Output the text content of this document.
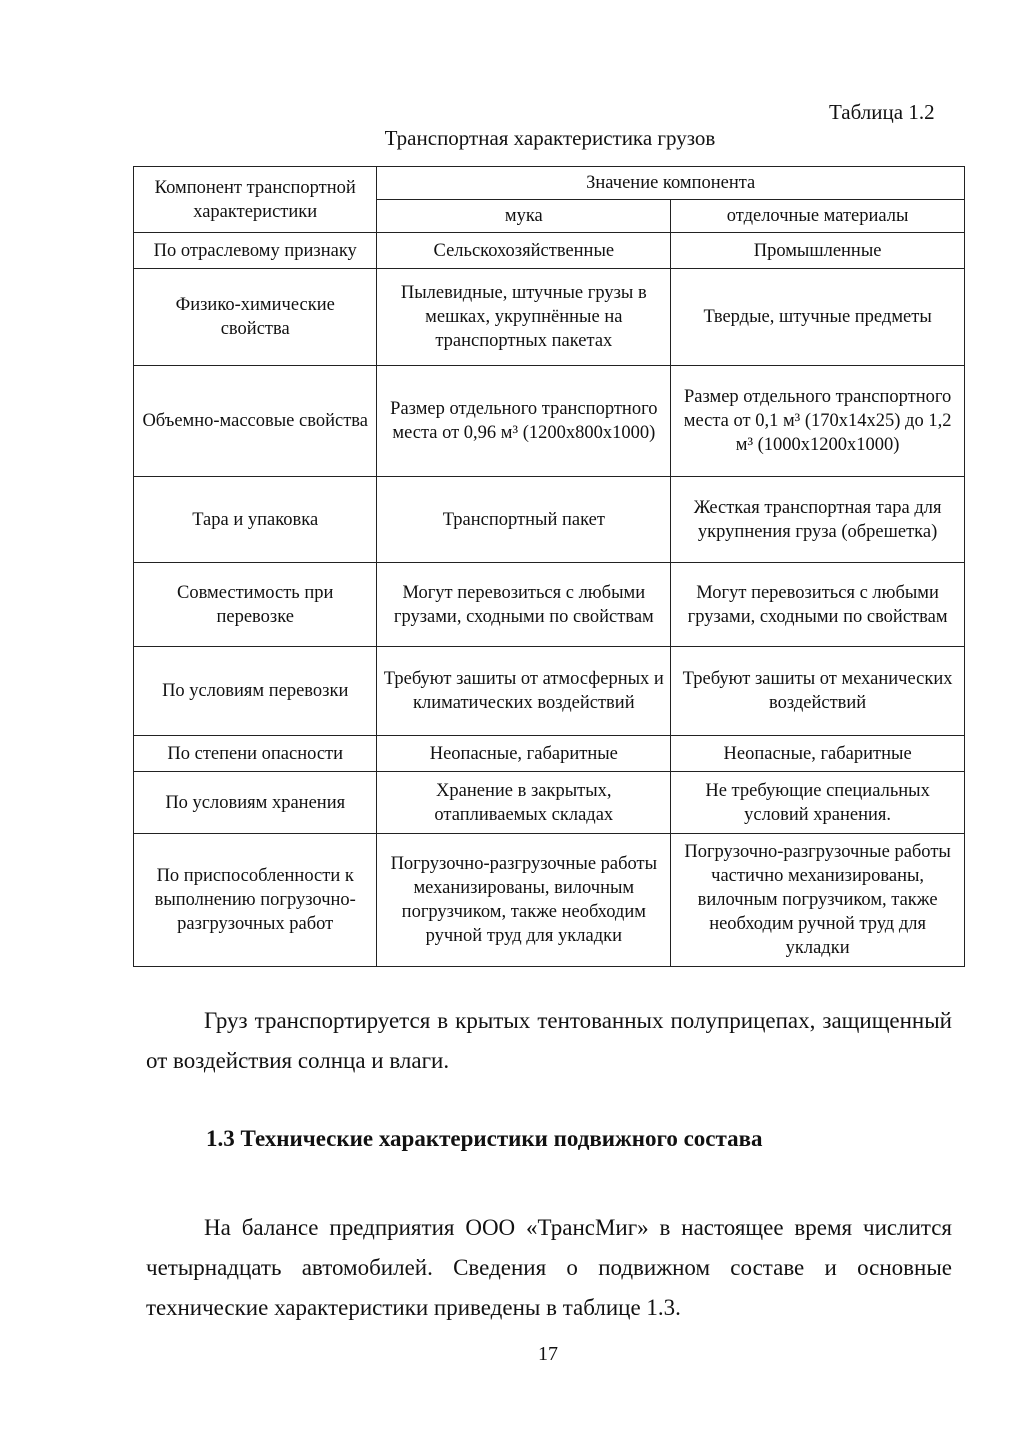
Таблица 1.2
Транспортная характеристика грузов
Компонент транспортной характеристики	Значение компонента	
	мука	отделочные материалы
По отраслевому признаку	Сельскохозяйственные	Промышленные
Физико-химические свойства	Пылевидные, штучные грузы в мешках, укрупнённые на транспортных пакетах	Твердые, штучные предметы
Объемно-массовые свойства	Размер отдельного транспортного места от 0,96 м³ (1200х800х1000)	Размер отдельного транспортного места от 0,1 м³ (170х14х25) до 1,2 м³ (1000х1200х1000)
Тара и упаковка	Транспортный пакет	Жесткая транспортная тара для укрупнения груза (обрешетка)
Совместимость при перевозке	Могут перевозиться с любыми грузами, сходными по свойствам	Могут перевозиться с любыми грузами, сходными по свойствам
По условиям перевозки	Требуют зашиты от атмосферных и климатических воздействий	Требуют зашиты от механических воздействий
По степени опасности	Неопасные, габаритные	Неопасные, габаритные
По условиям хранения	Хранение в закрытых, отапливаемых складах	Не требующие специальных условий хранения.
По приспособленности к выполнению погрузочно-разгрузочных работ	Погрузочно-разгрузочные работы механизированы, вилочным погрузчиком, также необходим ручной труд для укладки	Погрузочно-разгрузочные работы частично механизированы, вилочным погрузчиком, также необходим ручной труд для укладки

Груз транспортируется в крытых тентованных полуприцепах, защищенный от воздействия солнца и влаги.

1.3 Технические характеристики подвижного состава

На балансе предприятия ООО «ТрансМиг» в настоящее время числится четырнадцать автомобилей. Сведения о подвижном составе и основные технические характеристики приведены в таблице 1.3.

17
